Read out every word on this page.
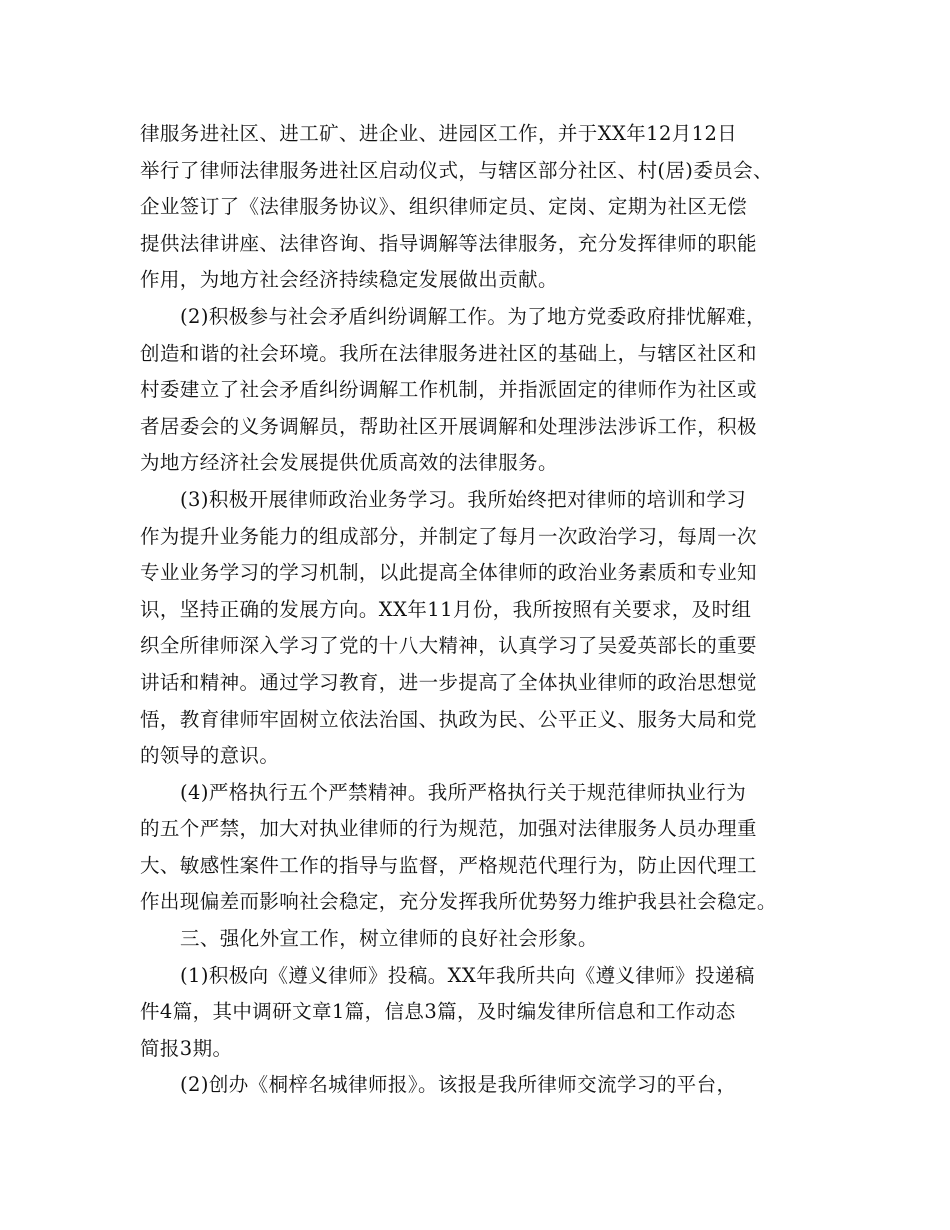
律服务进社区、进工矿、进企业、进园区工作，并于XX年12月12日
举行了律师法律服务进社区启动仪式，与辖区部分社区、村(居)委员会、
企业签订了《法律服务协议》、组织律师定员、定岗、定期为社区无偿
提供法律讲座、法律咨询、指导调解等法律服务，充分发挥律师的职能
作用，为地方社会经济持续稳定发展做出贡献。
(2)积极参与社会矛盾纠纷调解工作。为了地方党委政府排忧解难，
创造和谐的社会环境。我所在法律服务进社区的基础上，与辖区社区和
村委建立了社会矛盾纠纷调解工作机制，并指派固定的律师作为社区或
者居委会的义务调解员，帮助社区开展调解和处理涉法涉诉工作，积极
为地方经济社会发展提供优质高效的法律服务。
(3)积极开展律师政治业务学习。我所始终把对律师的培训和学习
作为提升业务能力的组成部分，并制定了每月一次政治学习，每周一次
专业业务学习的学习机制，以此提高全体律师的政治业务素质和专业知
识，坚持正确的发展方向。XX年11月份，我所按照有关要求，及时组
织全所律师深入学习了党的十八大精神，认真学习了吴爱英部长的重要
讲话和精神。通过学习教育，进一步提高了全体执业律师的政治思想觉
悟，教育律师牢固树立依法治国、执政为民、公平正义、服务大局和党
的领导的意识。
(4)严格执行五个严禁精神。我所严格执行关于规范律师执业行为
的五个严禁，加大对执业律师的行为规范，加强对法律服务人员办理重
大、敏感性案件工作的指导与监督，严格规范代理行为，防止因代理工
作出现偏差而影响社会稳定，充分发挥我所优势努力维护我县社会稳定。
三、强化外宣工作，树立律师的良好社会形象。
(1)积极向《遵义律师》投稿。XX年我所共向《遵义律师》投递稿
件4篇，其中调研文章1篇，信息3篇，及时编发律所信息和工作动态
简报3期。
(2)创办《桐梓名城律师报》。该报是我所律师交流学习的平台，
